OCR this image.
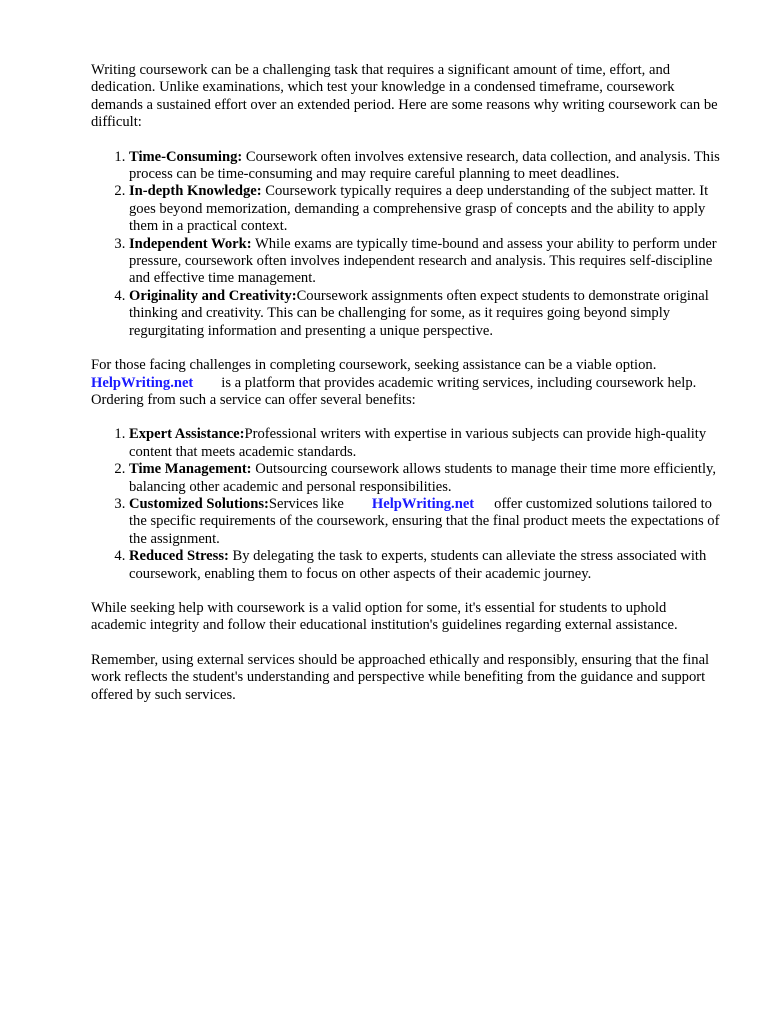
Writing coursework can be a challenging task that requires a significant amount of time, effort, and dedication. Unlike examinations, which test your knowledge in a condensed timeframe, coursework demands a sustained effort over an extended period. Here are some reasons why writing coursework can be difficult:

1. Time-Consuming: Coursework often involves extensive research, data collection, and analysis. This process can be time-consuming and may require careful planning to meet deadlines.
2. In-depth Knowledge: Coursework typically requires a deep understanding of the subject matter. It goes beyond memorization, demanding a comprehensive grasp of concepts and the ability to apply them in a practical context.
3. Independent Work: While exams are typically time-bound and assess your ability to perform under pressure, coursework often involves independent research and analysis. This requires self-discipline and effective time management.
4. Originality and Creativity:Coursework assignments often expect students to demonstrate original thinking and creativity. This can be challenging for some, as it requires going beyond simply regurgitating information and presenting a unique perspective.

For those facing challenges in completing coursework, seeking assistance can be a viable option. HelpWriting.net is a platform that provides academic writing services, including coursework help. Ordering from such a service can offer several benefits:

1. Expert Assistance:Professional writers with expertise in various subjects can provide high-quality content that meets academic standards.
2. Time Management: Outsourcing coursework allows students to manage their time more efficiently, balancing other academic and personal responsibilities.
3. Customized Solutions:Services like HelpWriting.net offer customized solutions tailored to the specific requirements of the coursework, ensuring that the final product meets the expectations of the assignment.
4. Reduced Stress: By delegating the task to experts, students can alleviate the stress associated with coursework, enabling them to focus on other aspects of their academic journey.

While seeking help with coursework is a valid option for some, it's essential for students to uphold academic integrity and follow their educational institution's guidelines regarding external assistance.

Remember, using external services should be approached ethically and responsibly, ensuring that the final work reflects the student's understanding and perspective while benefiting from the guidance and support offered by such services.
